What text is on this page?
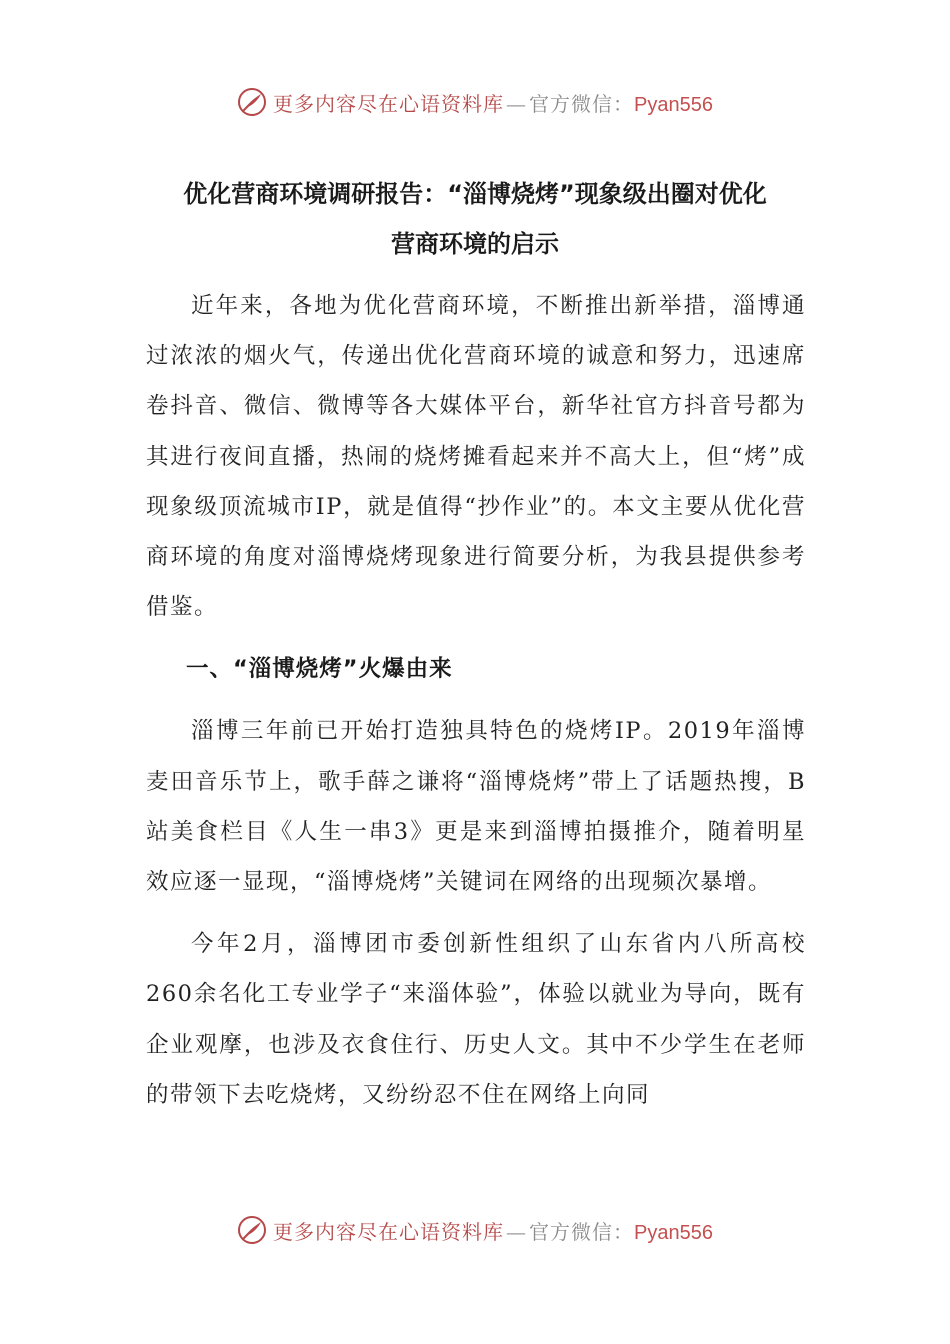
更多内容尽在心语资料库 — 官方微信：Pyan556
优化营商环境调研报告：“淄博烧烤”现象级出圈对优化
营商环境的启示

近年来，各地为优化营商环境，不断推出新举措，淄博通过浓浓的烟火气，传递出优化营商环境的诚意和努力，迅速席卷抖音、微信、微博等各大媒体平台，新华社官方抖音号都为其进行夜间直播，热闹的烧烤摊看起来并不高大上，但“烤”成现象级顶流城市IP，就是值得“抄作业”的。本文主要从优化营商环境的角度对淄博烧烤现象进行简要分析，为我县提供参考借鉴。

一、“淄博烧烤”火爆由来

淄博三年前已开始打造独具特色的烧烤IP。2019年淄博麦田音乐节上，歌手薛之谦将“淄博烧烤”带上了话题热搜，B站美食栏目《人生一串3》更是来到淄博拍摄推介，随着明星效应逐一显现，“淄博烧烤”关键词在网络的出现频次暴增。

今年2月，淄博团市委创新性组织了山东省内八所高校260余名化工专业学子“来淄体验”，体验以就业为导向，既有企业观摩，也涉及衣食住行、历史人文。其中不少学生在老师的带领下去吃烧烤，又纷纷忍不住在网络上向同

更多内容尽在心语资料库 — 官方微信：Pyan556
